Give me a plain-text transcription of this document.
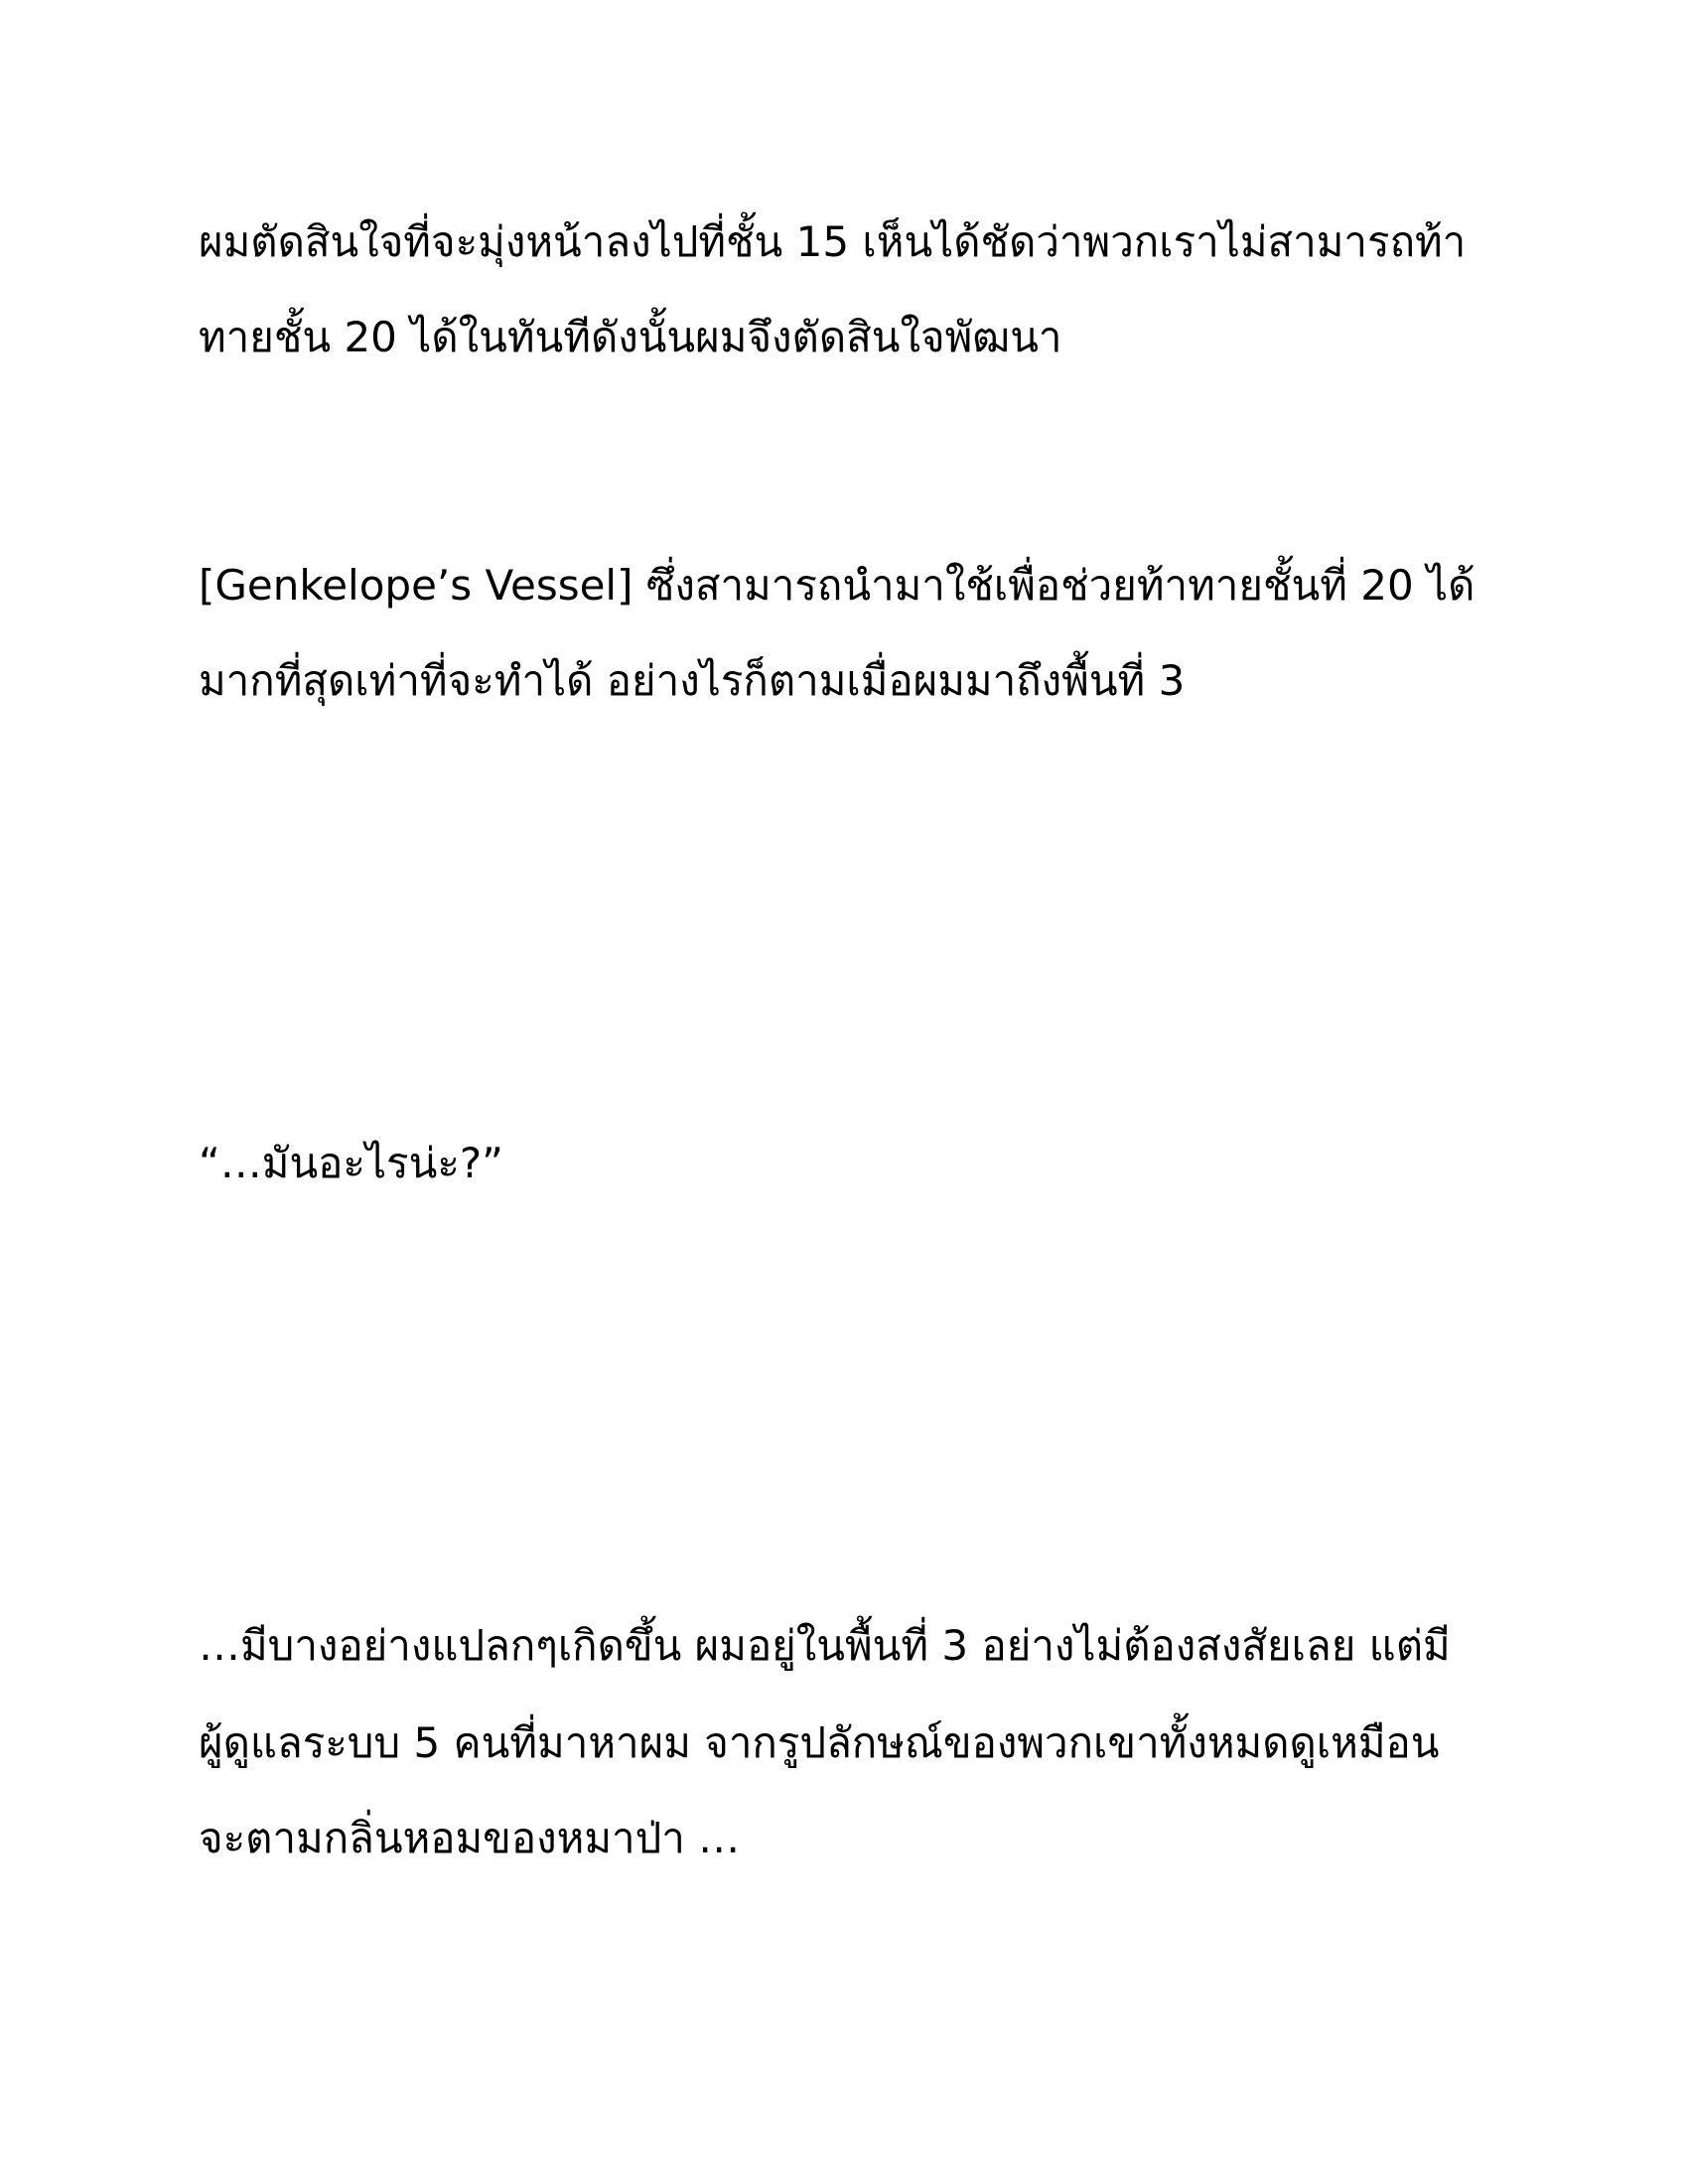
ผมตัดสินใจที่จะมุ่งหน้าลงไปที่ชั้น 15 เห็นได้ชัดว่าพวกเราไม่สามารถท้า

ทายชั้น 20 ได้ในทันทีดังนั้นผมจึงตัดสินใจพัฒนา

[Genkelope’s Vessel] ซึ่งสามารถนำมาใช้เพื่อช่วยท้าทายชั้นที่ 20 ได้

มากที่สุดเท่าที่จะทำได้ อย่างไรก็ตามเมื่อผมมาถึงพื้นที่ 3

“…มันอะไรน่ะ?”

…มีบางอย่างแปลกๆเกิดขึ้น ผมอยู่ในพื้นที่ 3 อย่างไม่ต้องสงสัยเลย แต่มี

ผู้ดูแลระบบ 5 คนที่มาหาผม จากรูปลักษณ์ของพวกเขาทั้งหมดดูเหมือน

จะตามกลิ่นหอมของหมาป่า …
